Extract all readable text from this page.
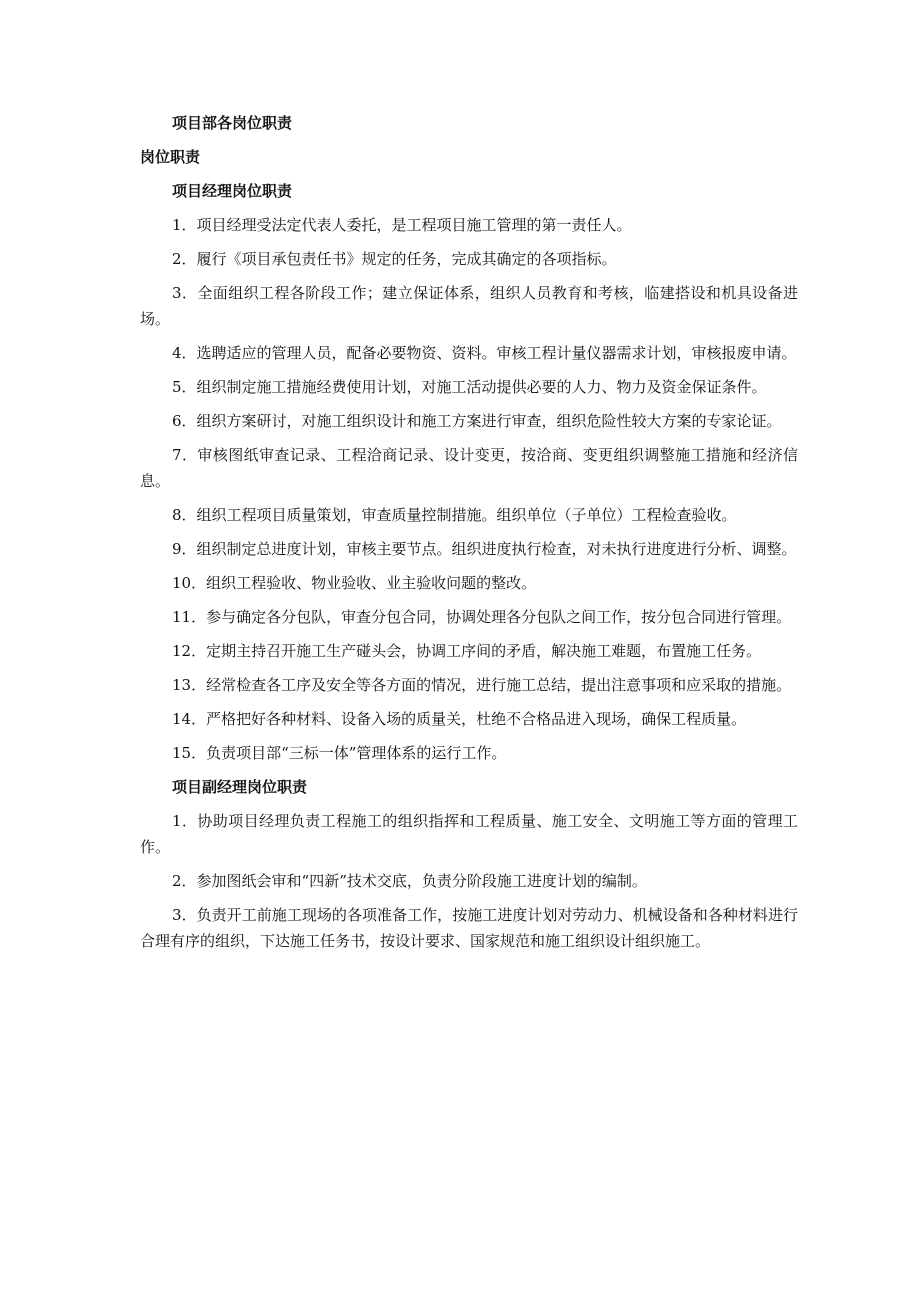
项目部各岗位职责

岗位职责

项目经理岗位职责

1．项目经理受法定代表人委托，是工程项目施工管理的第一责任人。

2．履行《项目承包责任书》规定的任务，完成其确定的各项指标。

3．全面组织工程各阶段工作；建立保证体系，组织人员教育和考核，临建搭设和机具设备进场。

4．选聘适应的管理人员，配备必要物资、资料。审核工程计量仪器需求计划，审核报废申请。

5．组织制定施工措施经费使用计划，对施工活动提供必要的人力、物力及资金保证条件。

6．组织方案研讨，对施工组织设计和施工方案进行审查，组织危险性较大方案的专家论证。

7．审核图纸审查记录、工程洽商记录、设计变更，按洽商、变更组织调整施工措施和经济信息。

8．组织工程项目质量策划，审查质量控制措施。组织单位（子单位）工程检查验收。

9．组织制定总进度计划，审核主要节点。组织进度执行检查，对未执行进度进行分析、调整。

10．组织工程验收、物业验收、业主验收问题的整改。

11．参与确定各分包队，审查分包合同，协调处理各分包队之间工作，按分包合同进行管理。

12．定期主持召开施工生产碰头会，协调工序间的矛盾，解决施工难题，布置施工任务。

13．经常检查各工序及安全等各方面的情况，进行施工总结，提出注意事项和应采取的措施。

14．严格把好各种材料、设备入场的质量关，杜绝不合格品进入现场，确保工程质量。

15．负责项目部“三标一体”管理体系的运行工作。

项目副经理岗位职责

1．协助项目经理负责工程施工的组织指挥和工程质量、施工安全、文明施工等方面的管理工作。

2．参加图纸会审和“四新”技术交底，负责分阶段施工进度计划的编制。

3．负责开工前施工现场的各项准备工作，按施工进度计划对劳动力、机械设备和各种材料进行合理有序的组织，下达施工任务书，按设计要求、国家规范和施工组织设计组织施工。
